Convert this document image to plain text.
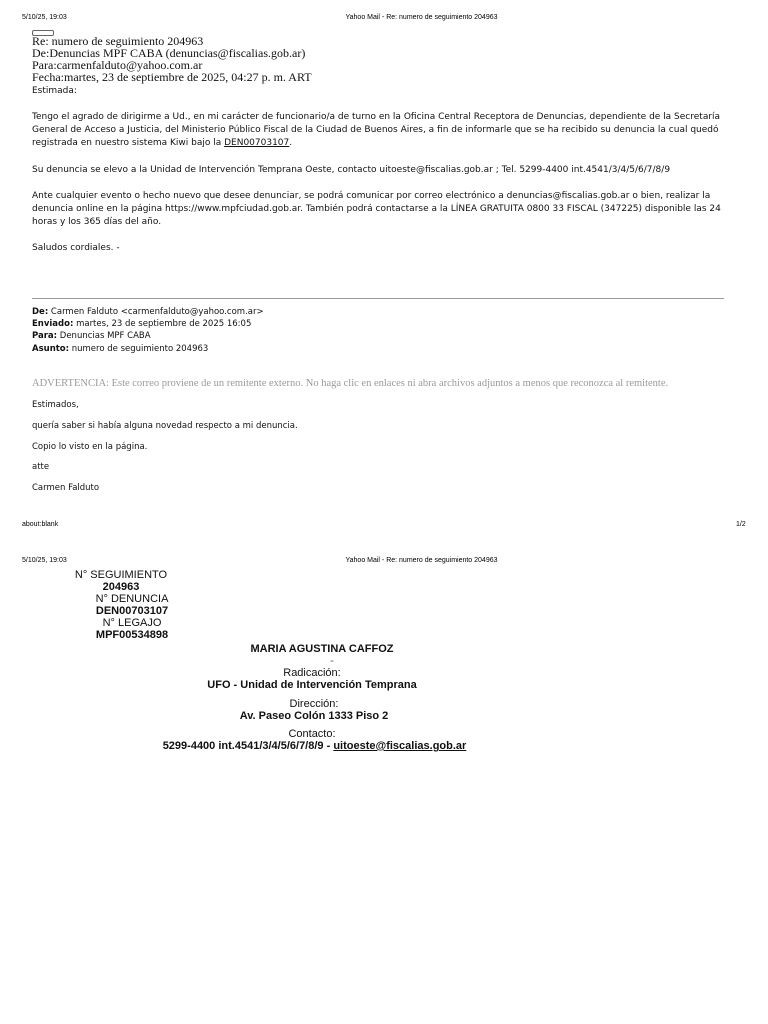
5/10/25, 19:03	Yahoo Mail - Re: numero de seguimiento 204963
Re: numero de seguimiento 204963
De:Denuncias MPF CABA (denuncias@fiscalias.gob.ar)
Para:carmenfalduto@yahoo.com.ar
Fecha:martes, 23 de septiembre de 2025, 04:27 p. m. ART
Estimada:

Tengo el agrado de dirigirme a Ud., en mi carácter de funcionario/a de turno en la Oficina Central Receptora de Denuncias, dependiente de la Secretaría General de Acceso a Justicia, del Ministerio Público Fiscal de la Ciudad de Buenos Aires, a fin de informarle que se ha recibido su denuncia la cual quedó registrada en nuestro sistema Kiwi bajo la DEN00703107.

Su denuncia se elevo a la Unidad de Intervención Temprana Oeste, contacto uitoeste@fiscalias.gob.ar ; Tel. 5299-4400 int.4541/3/4/5/6/7/8/9
Ante cualquier evento o hecho nuevo que desee denunciar, se podrá comunicar por correo electrónico a denuncias@fiscalias.gob.ar o bien, realizar la denuncia online en la página https://www.mpfciudad.gob.ar. También podrá contactarse a la LÍNEA GRATUITA 0800 33 FISCAL (347225) disponible las 24 horas y los 365 días del año.
Saludos cordiales. -
De: Carmen Falduto <carmenfalduto@yahoo.com.ar>
Enviado: martes, 23 de septiembre de 2025 16:05
Para: Denuncias MPF CABA
Asunto: numero de seguimiento 204963
ADVERTENCIA: Este correo proviene de un remitente externo. No haga clic en enlaces ni abra archivos adjuntos a menos que reconozca al remitente.
Estimados,
quería saber si había alguna novedad respecto a mi denuncia.
Copio lo visto en la página.
atte
Carmen Falduto
about:blank	1/2
5/10/25, 19:03	Yahoo Mail - Re: numero de seguimiento 204963
N° SEGUIMIENTO
204963
N° DENUNCIA
DEN00703107
N° LEGAJO
MPF00534898
MARIA AGUSTINA CAFFOZ
-
Radicación:
UFO - Unidad de Intervención Temprana
Dirección:
Av. Paseo Colón 1333 Piso 2
Contacto:
5299-4400 int.4541/3/4/5/6/7/8/9 - uitoeste@fiscalias.gob.ar
